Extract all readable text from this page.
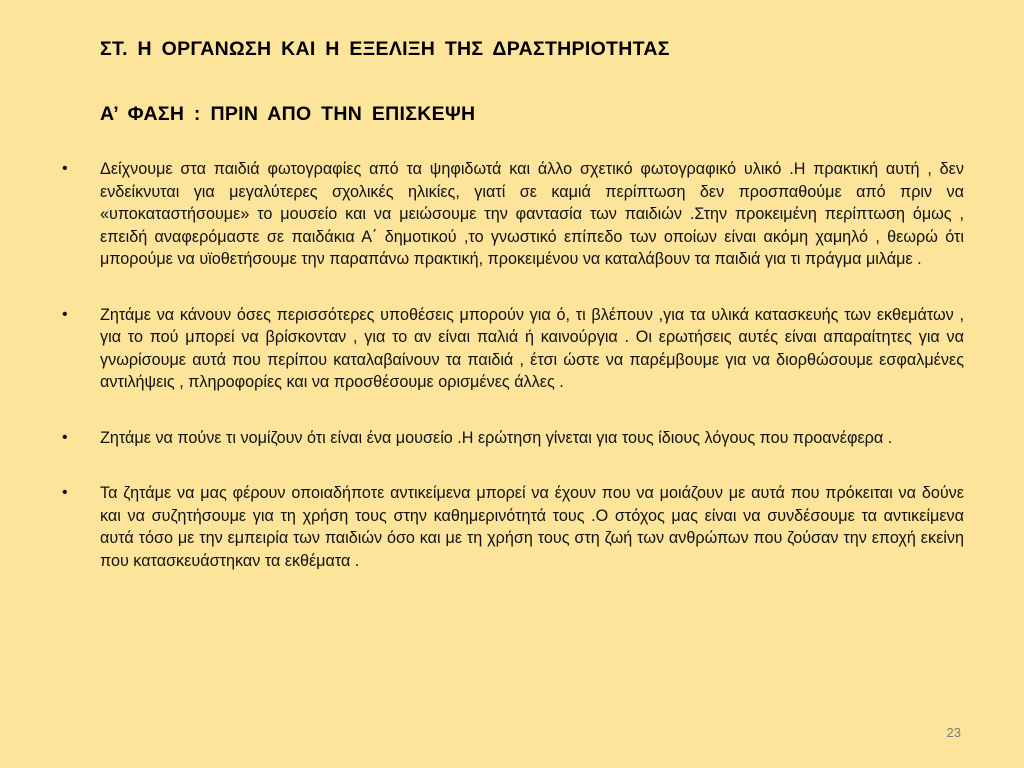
ΣΤ. Η ΟΡΓΑΝΩΣΗ ΚΑΙ Η ΕΞΕΛΙΞΗ ΤΗΣ ΔΡΑΣΤΗΡΙΟΤΗΤΑΣ
Α’ ΦΑΣΗ : ΠΡΙΝ ΑΠΟ ΤΗΝ ΕΠΙΣΚΕΨΗ
• Δείχνουμε στα παιδιά φωτογραφίες από τα ψηφιδωτά και άλλο σχετικό φωτογραφικό υλικό .Η πρακτική αυτή , δεν ενδείκνυται για μεγαλύτερες σχολικές ηλικίες, γιατί σε καμιά περίπτωση δεν προσπαθούμε από πριν να «υποκαταστήσουμε» το μουσείο και να μειώσουμε την φαντασία των παιδιών .Στην προκειμένη περίπτωση όμως , επειδή αναφερόμαστε σε παιδάκια Α΄ δημοτικού ,το γνωστικό επίπεδο των οποίων είναι ακόμη χαμηλό , θεωρώ ότι μπορούμε να υϊοθετήσουμε την παραπάνω πρακτική, προκειμένου να καταλάβουν τα παιδιά για τι πράγμα μιλάμε .
• Ζητάμε να κάνουν όσες περισσότερες υποθέσεις μπορούν για ό, τι βλέπουν ,για τα υλικά κατασκευής των εκθεμάτων , για το πού μπορεί να βρίσκονταν , για το αν είναι παλιά ή καινούργια . Οι ερωτήσεις αυτές είναι απαραίτητες για να γνωρίσουμε αυτά που περίπου καταλαβαίνουν τα παιδιά , έτσι ώστε να παρέμβουμε για να διορθώσουμε εσφαλμένες αντιλήψεις , πληροφορίες και να προσθέσουμε ορισμένες άλλες .
• Ζητάμε να πούνε τι νομίζουν ότι είναι ένα μουσείο .Η ερώτηση γίνεται για τους ίδιους λόγους που προανέφερα .
• Τα ζητάμε να μας φέρουν οποιαδήποτε αντικείμενα μπορεί να έχουν που να μοιάζουν με αυτά που πρόκειται να δούνε και να συζητήσουμε για τη χρήση τους στην καθημερινότητά τους .Ο στόχος μας είναι να συνδέσουμε τα αντικείμενα αυτά τόσο με την εμπειρία των παιδιών όσο και με τη χρήση τους στη ζωή των ανθρώπων που ζούσαν την εποχή εκείνη που κατασκευάστηκαν τα εκθέματα .
23
